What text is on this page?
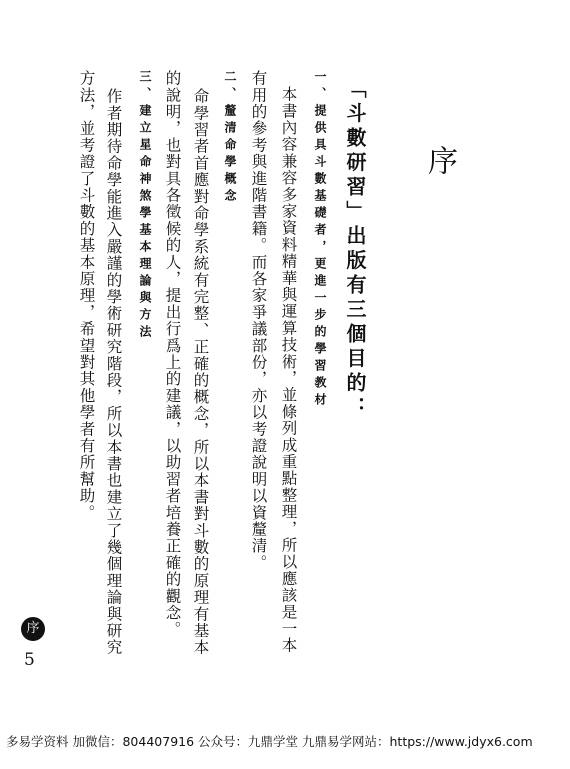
序
「斗數研習」出版有三個目的：
一、提供具斗數基礎者，更進一步的學習教材
本書內容兼容多家資料精華與運算技術，並條列成重點整理，所以應該是一本
有用的參考與進階書籍。而各家爭議部份，亦以考證說明以資釐清。
二、釐清命學概念
命學習者首應對命學系統有完整、正確的概念，所以本書對斗數的原理有基本
的說明，也對具各徵候的人，提出行爲上的建議，以助習者培養正確的觀念。
三、建立星命神煞學基本理論與方法
作者期待命學能進入嚴謹的學術研究階段，所以本書也建立了幾個理論與研究
方法，並考證了斗數的基本原理，希望對其他學者有所幫助。
序
5
多易学资料 加微信：804407916 公众号：九鼎学堂 九鼎易学网站：https://www.jdyx6.com
